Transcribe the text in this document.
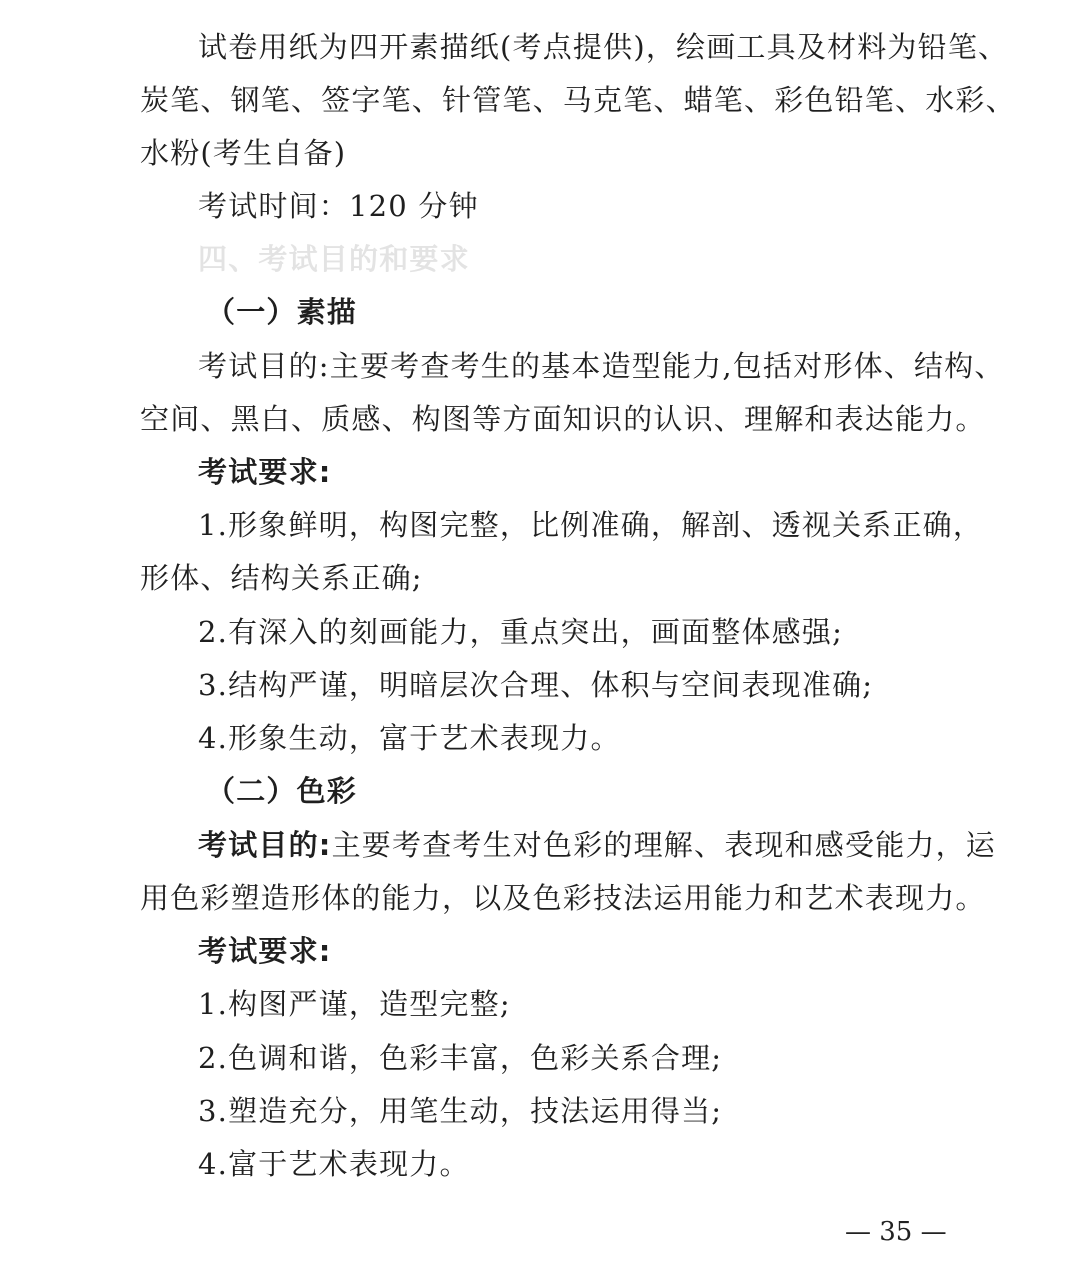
试卷用纸为四开素描纸(考点提供)，绘画工具及材料为铅笔、
炭笔、钢笔、签字笔、针管笔、马克笔、蜡笔、彩色铅笔、水彩、
水粉(考生自备)
考试时间：120 分钟
四、考试目的和要求
（一）素描
考试目的:主要考查考生的基本造型能力,包括对形体、结构、
空间、黑白、质感、构图等方面知识的认识、理解和表达能力。
考试要求:
1.形象鲜明，构图完整，比例准确，解剖、透视关系正确，
形体、结构关系正确;
2.有深入的刻画能力，重点突出，画面整体感强;
3.结构严谨，明暗层次合理、体积与空间表现准确;
4.形象生动，富于艺术表现力。
（二）色彩
考试目的:主要考查考生对色彩的理解、表现和感受能力，运
用色彩塑造形体的能力，以及色彩技法运用能力和艺术表现力。
考试要求:
1.构图严谨，造型完整;
2.色调和谐，色彩丰富，色彩关系合理;
3.塑造充分，用笔生动，技法运用得当;
4.富于艺术表现力。
— 35 —
